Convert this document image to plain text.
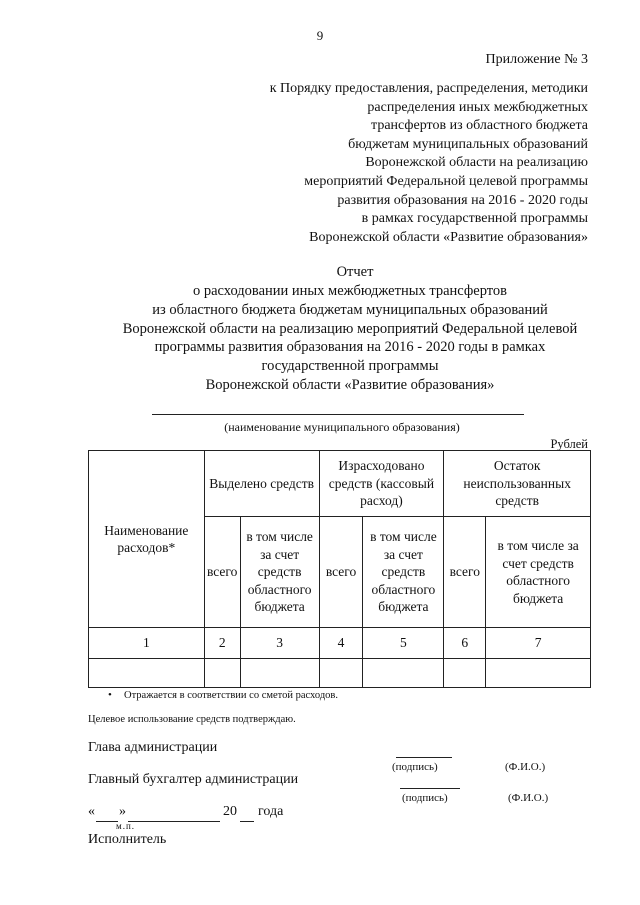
9
Приложение № 3
к Порядку предоставления, распределения, методики
распределения иных межбюджетных
трансфертов из областного бюджета
бюджетам муниципальных образований
Воронежской области на реализацию
мероприятий Федеральной целевой программы
развития образования на 2016 - 2020 годы
в рамках государственной программы
Воронежской области «Развитие образования»
Отчет
о расходовании иных межбюджетных трансфертов
из областного бюджета бюджетам муниципальных образований
Воронежской области на реализацию мероприятий Федеральной целевой
программы развития образования на 2016 - 2020 годы в рамках
государственной программы
Воронежской области «Развитие образования»
(наименование муниципального образования)
Рублей
Наименование расходов*	Выделено средств		Израсходовано средств (кассовый расход)		Остаток неиспользованных средств	
	всего	в том числе за счет средств областного бюджета	всего	в том числе за счет средств областного бюджета	всего	в том числе за счет средств областного бюджета
1	2	3	4	5	6	7

• Отражается в соответствии со сметой расходов.
Целевое использование средств подтверждаю.
Глава администрации
(подпись)	(Ф.И.О.)
Главный бухгалтер администрации
(подпись)	(Ф.И.О.)
« »	20 года
м.п.
Исполнитель
